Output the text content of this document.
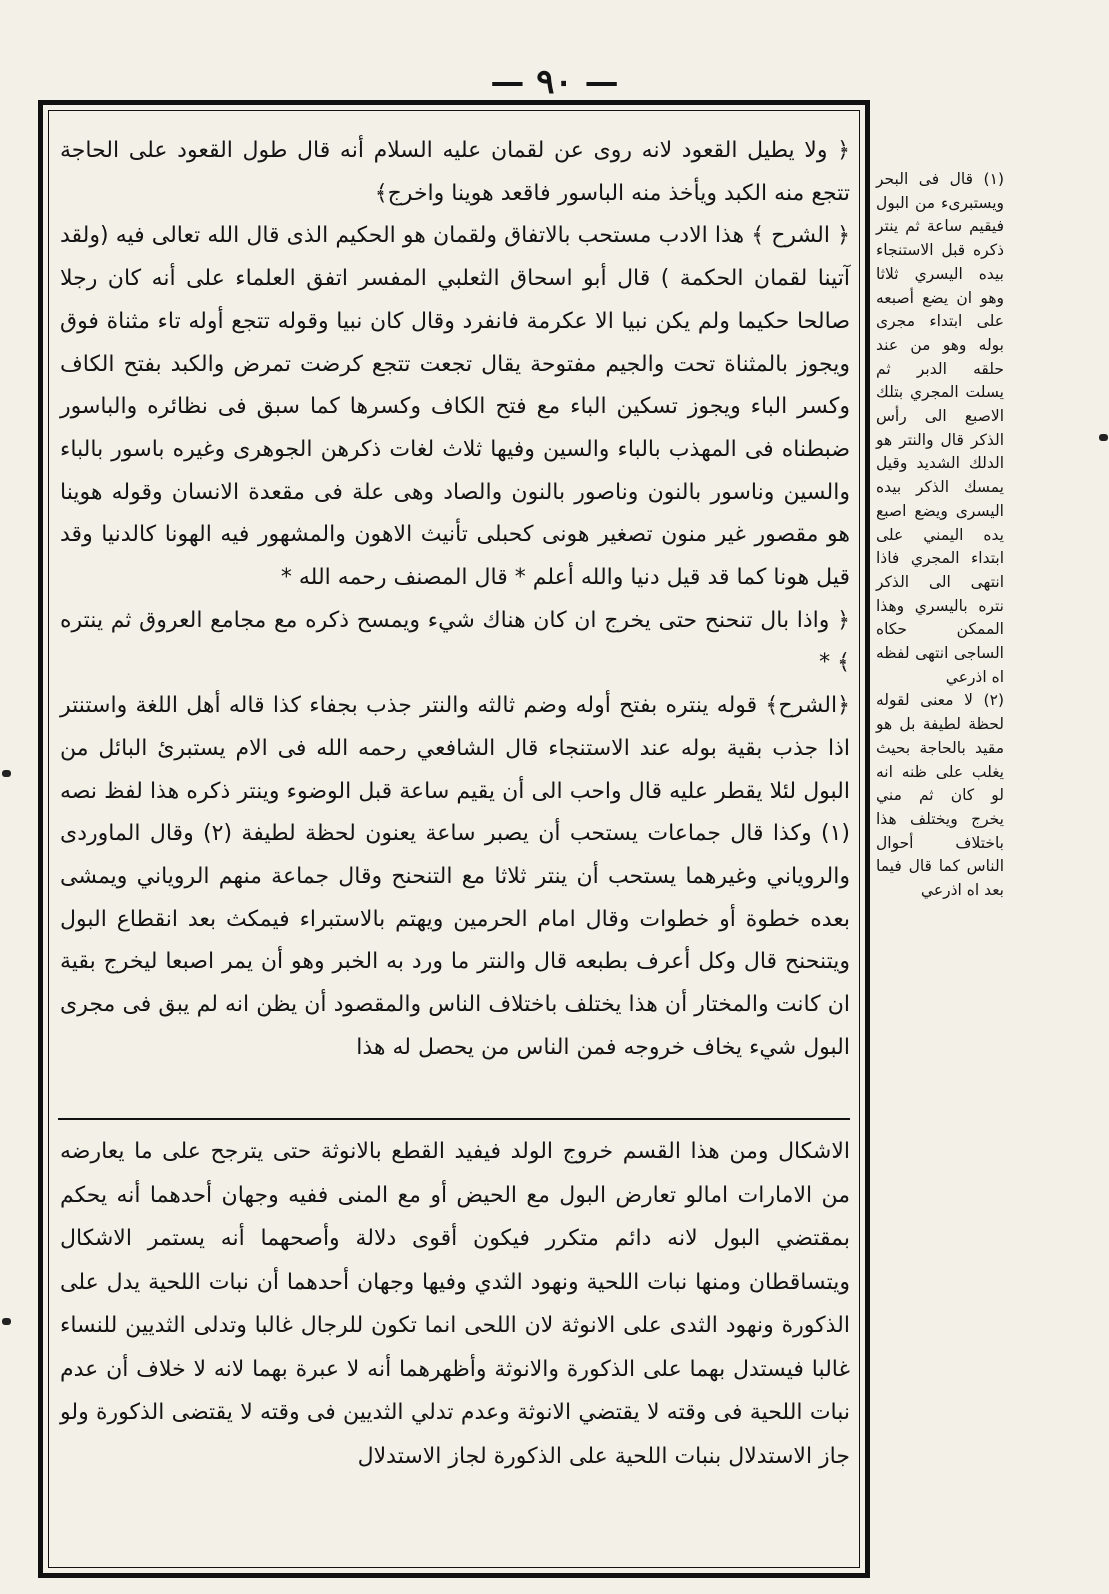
— ٩٠ —

﴿ ولا يطيل القعود لانه روى عن لقمان عليه السلام أنه قال طول القعود على الحاجة تتجع منه الكبد ويأخذ منه الباسور فاقعد هوينا واخرج﴾

﴿ الشرح ﴾ هذا الادب مستحب بالاتفاق ولقمان هو الحكيم الذى قال الله تعالى فيه (ولقد آتينا لقمان الحكمة ) قال أبو اسحاق الثعلبي المفسر اتفق العلماء على أنه كان رجلا صالحا حكيما ولم يكن نبيا الا عكرمة فانفرد وقال كان نبيا وقوله تتجع أوله تاء مثناة فوق ويجوز بالمثناة تحت والجيم مفتوحة يقال تجعت تتجع كرضت تمرض والكبد بفتح الكاف وكسر الباء ويجوز تسكين الباء مع فتح الكاف وكسرها كما سبق فى نظائره والباسور ضبطناه فى المهذب بالباء والسين وفيها ثلاث لغات ذكرهن الجوهرى وغيره باسور بالباء والسين وناسور بالنون وناصور بالنون والصاد وهى علة فى مقعدة الانسان وقوله هوينا هو مقصور غير منون تصغير هونى كحبلى تأنيث الاهون والمشهور فيه الهونا كالدنيا وقد قيل هونا كما قد قيل دنيا والله أعلم * قال المصنف رحمه الله *

﴿ واذا بال تنحنح حتى يخرج ان كان هناك شيء ويمسح ذكره مع مجامع العروق ثم ينتره ﴾ *

﴿الشرح﴾ قوله ينتره بفتح أوله وضم ثالثه والنتر جذب بجفاء كذا قاله أهل اللغة واستنتر اذا جذب بقية بوله عند الاستنجاء قال الشافعي رحمه الله فى الام يستبرئ البائل من البول لئلا يقطر عليه قال واحب الى أن يقيم ساعة قبل الوضوء وينتر ذكره هذا لفظ نصه (١) وكذا قال جماعات يستحب أن يصبر ساعة يعنون لحظة لطيفة (٢) وقال الماوردى والروياني وغيرهما يستحب أن ينتر ثلاثا مع التنحنح وقال جماعة منهم الروياني ويمشى بعده خطوة أو خطوات وقال امام الحرمين ويهتم بالاستبراء فيمكث بعد انقطاع البول ويتنحنح قال وكل أعرف بطبعه قال والنتر ما ورد به الخبر وهو أن يمر اصبعا ليخرج بقية ان كانت والمختار أن هذا يختلف باختلاف الناس والمقصود أن يظن انه لم يبق فى مجرى البول شيء يخاف خروجه فمن الناس من يحصل له هذا

الاشكال ومن هذا القسم خروج الولد فيفيد القطع بالانوثة حتى يترجح على ما يعارضه من الامارات امالو تعارض البول مع الحيض أو مع المنى ففيه وجهان أحدهما أنه يحكم بمقتضي البول لانه دائم متكرر فيكون أقوى دلالة وأصحهما أنه يستمر الاشكال ويتساقطان ومنها نبات اللحية ونهود الثدي وفيها وجهان أحدهما أن نبات اللحية يدل على الذكورة ونهود الثدى على الانوثة لان اللحى انما تكون للرجال غالبا وتدلى الثديين للنساء غالبا فيستدل بهما على الذكورة والانوثة وأظهرهما أنه لا عبرة بهما لانه لا خلاف أن عدم نبات اللحية فى وقته لا يقتضي الانوثة وعدم تدلي الثديين فى وقته لا يقتضى الذكورة ولو جاز الاستدلال بنبات اللحية على الذكورة لجاز الاستدلال

(١) قال فى البحر ويستبرىء من البول فيقيم ساعة ثم ينتر ذكره قبل الاستنجاء بيده اليسري ثلاثا وهو ان يضع أصبعه على ابتداء مجرى بوله وهو من عند حلقه الدبر ثم يسلت المجري بتلك الاصبع الى رأس الذكر قال والنتر هو الدلك الشديد وقيل يمسك الذكر بيده اليسرى ويضع اصبع يده اليمني على ابتداء المجري فاذا انتهى الى الذكر نتره باليسري وهذا الممكن حكاه الساجى انتهى لفظه اه اذرعي

(٢) لا معنى لقوله لحظة لطيفة بل هو مقيد بالحاجة بحيث يغلب على ظنه انه لو كان ثم مني يخرج ويختلف هذا باختلاف أحوال الناس كما قال فيما بعد اه اذرعي
